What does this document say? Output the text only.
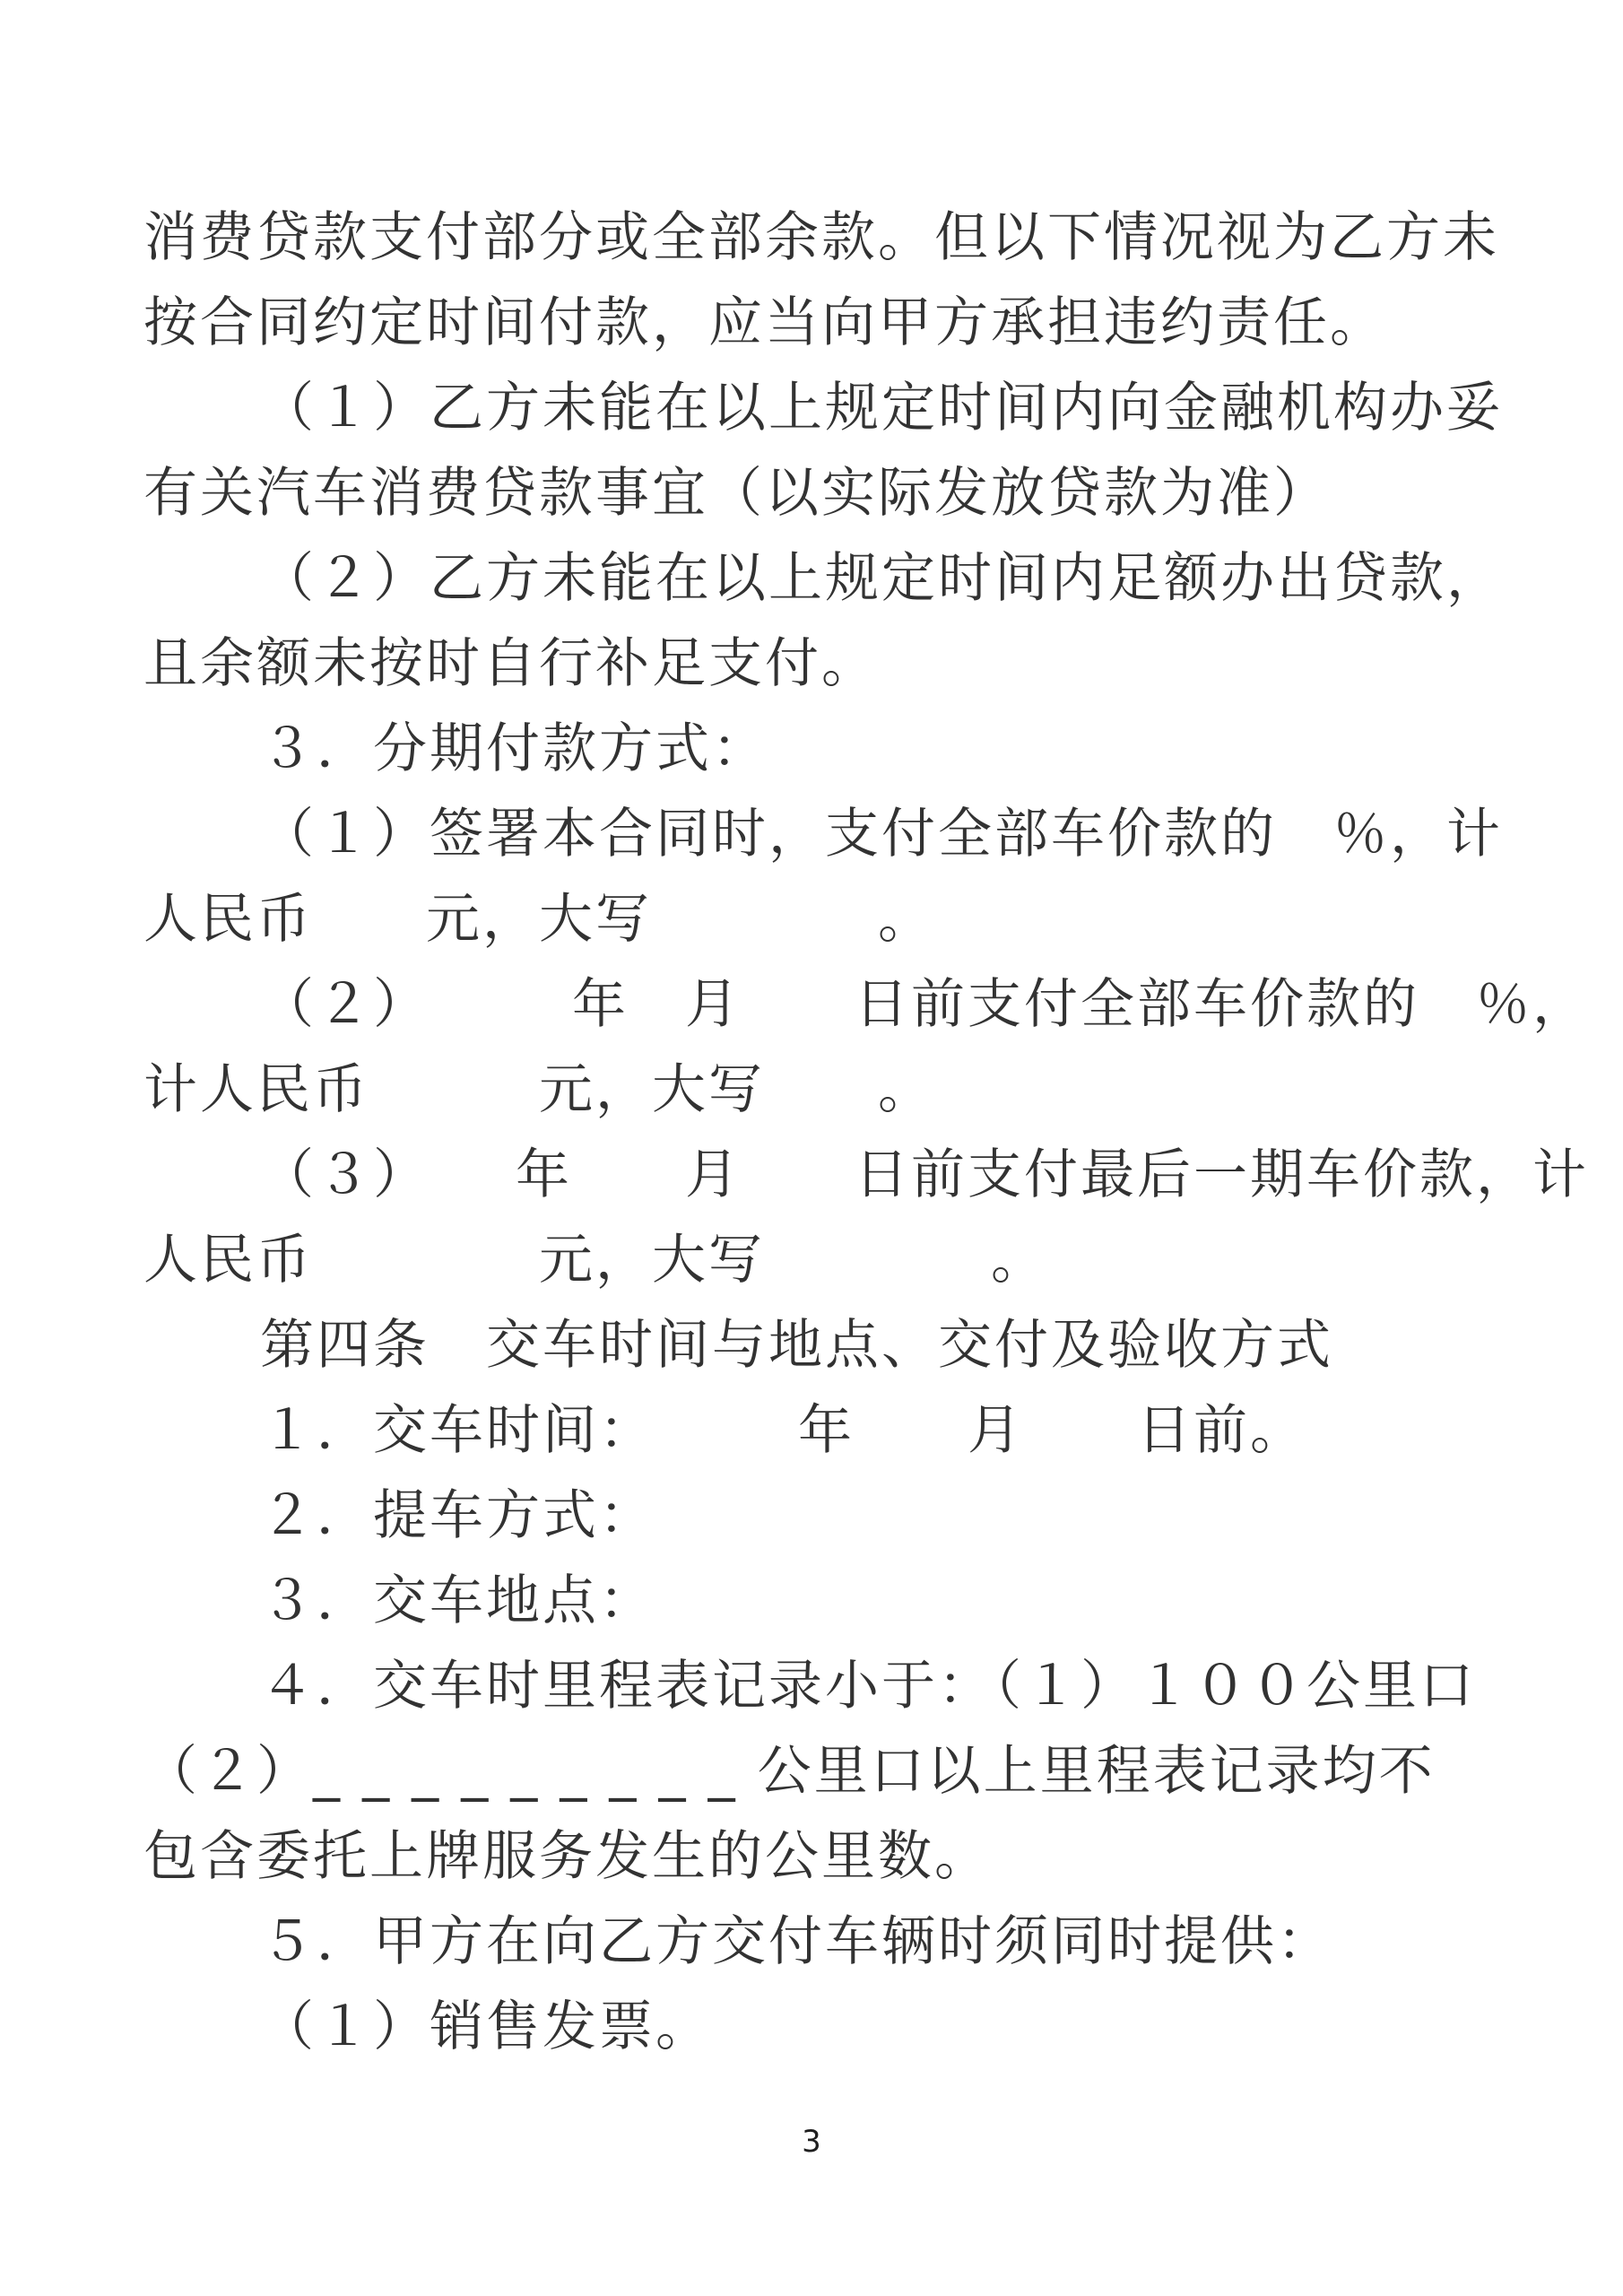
消费贷款支付部分或全部余款。但以下情况视为乙方未
按合同约定时间付款，应当向甲方承担违约责任。
（１）乙方未能在以上规定时间内向金融机构办妥
有关汽车消费贷款事宜（以实际发放贷款为准）
（２）乙方未能在以上规定时间内足额办出贷款，
且余额未按时自行补足支付。
３．分期付款方式：
（１）签署本合同时，支付全部车价款的　％，计
人民币　　元，大写　　　　。
（２）　　　年　月　　日前支付全部车价款的　％，
计人民币　　　元，大写　　。
（３）　　年　　月　　日前支付最后一期车价款，计
人民币　　　　元，大写　　　　。
第四条　交车时间与地点、交付及验收方式
１．交车时间：　　　年　　月　　日前。
２．提车方式：
３．交车地点：
４．交车时里程表记录小于：（１）１００公里口
（２）_ _ _ _ _ _ _ _ _ 公里口以上里程表记录均不
包含委托上牌服务发生的公里数。
５．甲方在向乙方交付车辆时须同时提供：
（１）销售发票。
3
